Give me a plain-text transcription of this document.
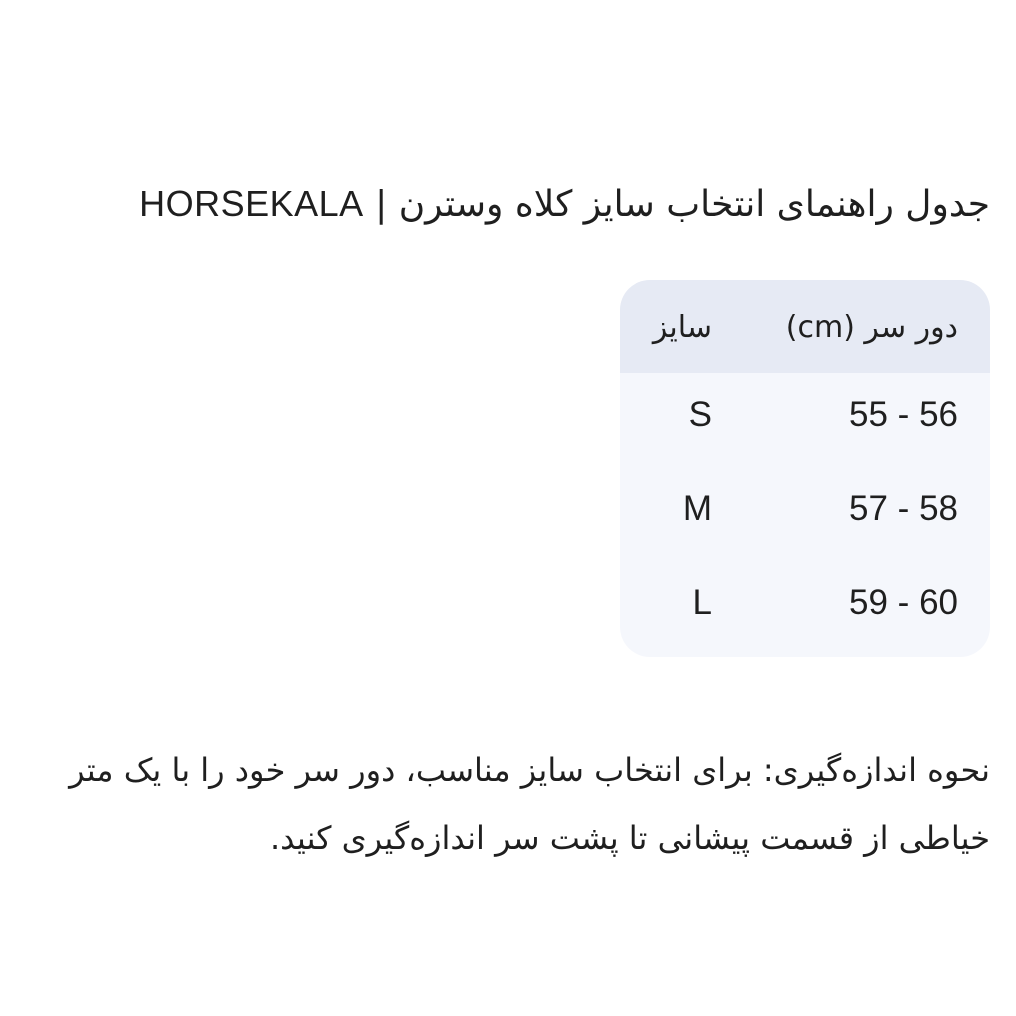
جدول راهنمای انتخاب سایز کلاه وسترن | HORSEKALA
سایز دور سر (cm)
S	55 - 56
M	57 - 58
L	59 - 60

نحوه اندازه‌گیری: برای انتخاب سایز مناسب، دور سر خود را با یک متر خیاطی از قسمت پیشانی تا پشت سر اندازه‌گیری کنید.
